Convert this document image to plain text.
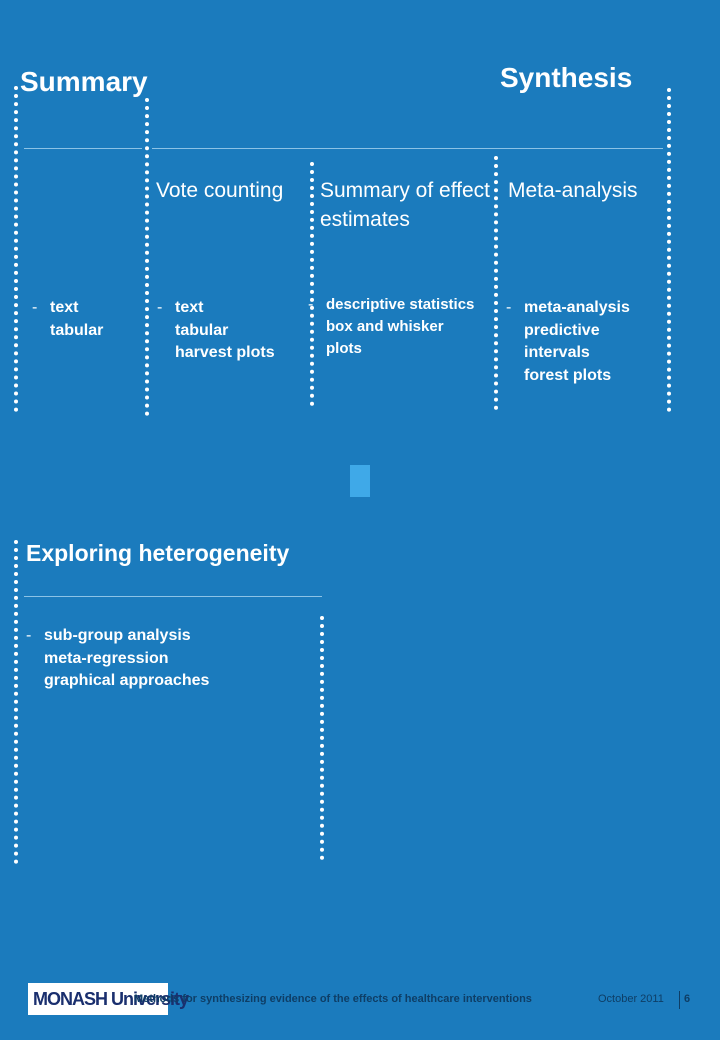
Summary	Synthesis
Vote counting Summary of effect
estimates
Meta-analysis
- text
tabular
- text
tabular
harvest plots
- descriptive statistics
box and whisker
plots
- meta-analysis
predictive
intervals
forest plots
Exploring heterogeneity
- sub-group analysis
meta-regression
graphical approaches
MONASH University
Methods for synthesizing evidence of the effects of healthcare interventions	October 2011 6
